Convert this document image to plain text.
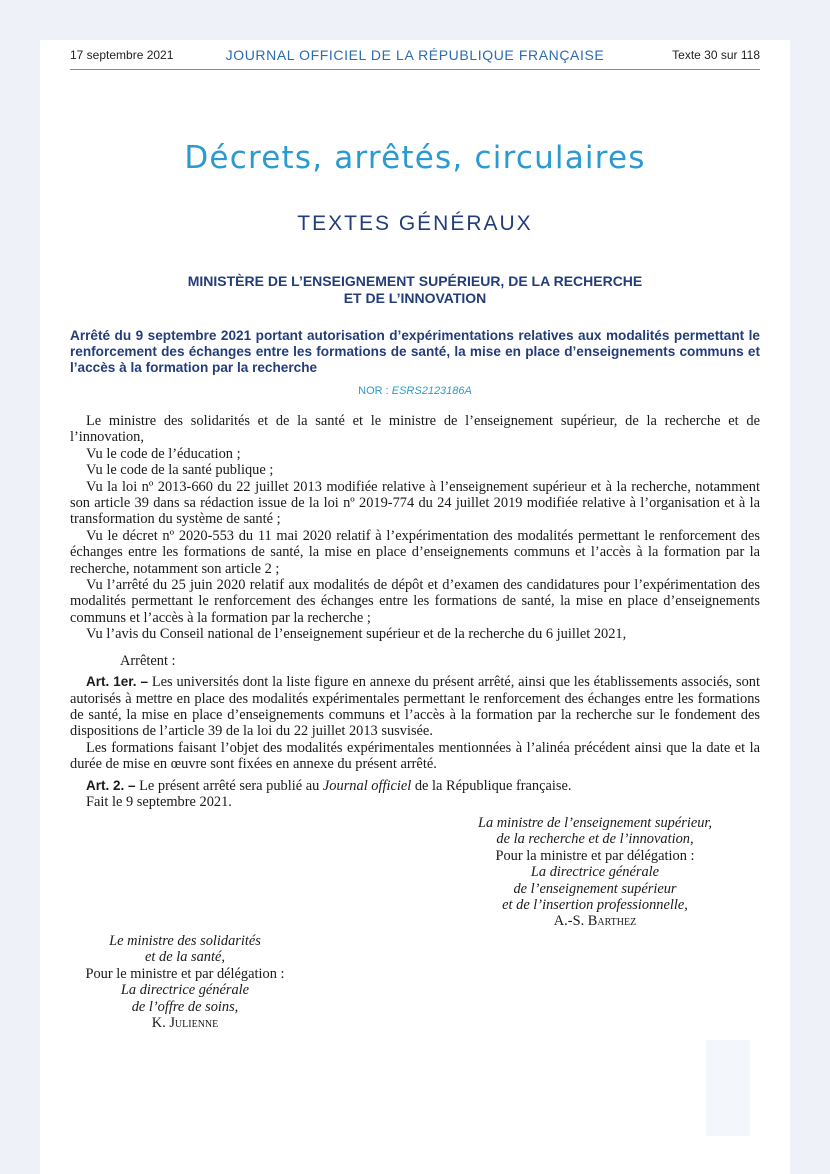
17 septembre 2021	JOURNAL OFFICIEL DE LA RÉPUBLIQUE FRANÇAISE	Texte 30 sur 118
Décrets, arrêtés, circulaires
TEXTES GÉNÉRAUX
MINISTÈRE DE L’ENSEIGNEMENT SUPÉRIEUR, DE LA RECHERCHE
ET DE L’INNOVATION
Arrêté du 9 septembre 2021 portant autorisation d’expérimentations relatives aux modalités permettant le renforcement des échanges entre les formations de santé, la mise en place d’enseignements communs et l’accès à la formation par la recherche
NOR : ESRS2123186A

Le ministre des solidarités et de la santé et le ministre de l’enseignement supérieur, de la recherche et de l’innovation,

Vu le code de l’éducation ;

Vu le code de la santé publique ;

Vu la loi nº 2013-660 du 22 juillet 2013 modifiée relative à l’enseignement supérieur et à la recherche, notamment son article 39 dans sa rédaction issue de la loi nº 2019-774 du 24 juillet 2019 modifiée relative à l’organisation et à la transformation du système de santé ;

Vu le décret nº 2020-553 du 11 mai 2020 relatif à l’expérimentation des modalités permettant le renforcement des échanges entre les formations de santé, la mise en place d’enseignements communs et l’accès à la formation par la recherche, notamment son article 2 ;

Vu l’arrêté du 25 juin 2020 relatif aux modalités de dépôt et d’examen des candidatures pour l’expérimentation des modalités permettant le renforcement des échanges entre les formations de santé, la mise en place d’enseignements communs et l’accès à la formation par la recherche ;

Vu l’avis du Conseil national de l’enseignement supérieur et de la recherche du 6 juillet 2021,

Arrêtent :

Art. 1er. – Les universités dont la liste figure en annexe du présent arrêté, ainsi que les établissements associés, sont autorisés à mettre en place des modalités expérimentales permettant le renforcement des échanges entre les formations de santé, la mise en place d’enseignements communs et l’accès à la formation par la recherche sur le fondement des dispositions de l’article 39 de la loi du 22 juillet 2013 susvisée.

Les formations faisant l’objet des modalités expérimentales mentionnées à l’alinéa précédent ainsi que la date et la durée de mise en œuvre sont fixées en annexe du présent arrêté.

Art. 2. – Le présent arrêté sera publié au Journal officiel de la République française.

Fait le 9 septembre 2021.

La ministre de l’enseignement supérieur,
de la recherche et de l’innovation,
Pour la ministre et par délégation :
La directrice générale
de l’enseignement supérieur
et de l’insertion professionnelle,
A.-S. Barthez
Le ministre des solidarités
et de la santé,
Pour le ministre et par délégation :
La directrice générale
de l’offre de soins,
K. Julienne
